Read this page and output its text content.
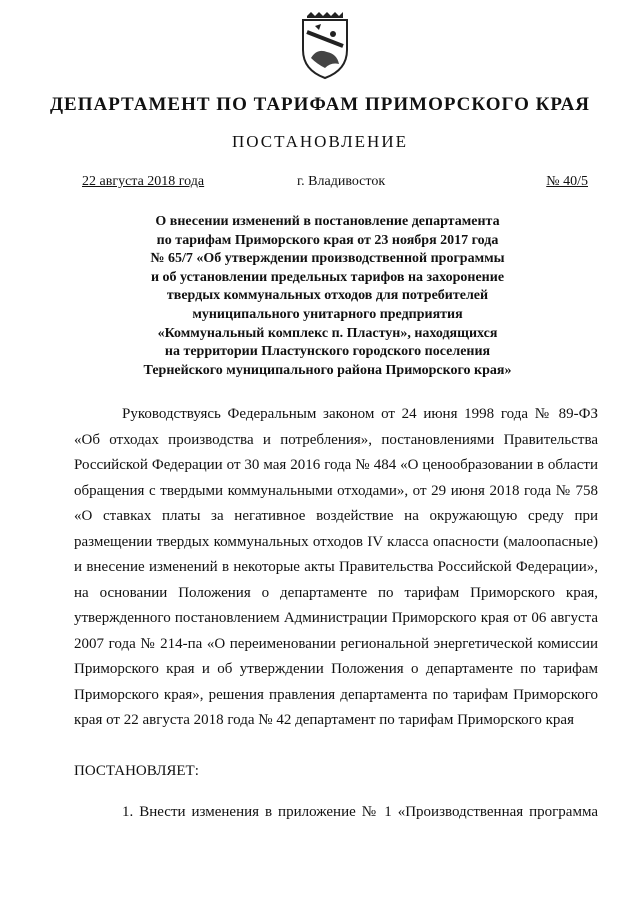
ДЕПАРТАМЕНТ ПО ТАРИФАМ ПРИМОРСКОГО КРАЯ
ПОСТАНОВЛЕНИЕ
22 августа 2018 года	г. Владивосток	№ 40/5
О внесении изменений в постановление департамента
по тарифам Приморского края от 23 ноября 2017 года
№ 65/7 «Об утверждении производственной программы
и об установлении предельных тарифов на захоронение
твердых коммунальных отходов для потребителей
муниципального унитарного предприятия
«Коммунальный комплекс п. Пластун», находящихся
на территории Пластунского городского поселения
Тернейского муниципального района Приморского края»
Руководствуясь Федеральным законом от 24 июня 1998 года № 89-ФЗ «Об отходах производства и потребления», постановлениями Правительства Российской Федерации от 30 мая 2016 года № 484 «О ценообразовании в области обращения с твердыми коммунальными отходами», от 29 июня 2018 года № 758 «О ставках платы за негативное воздействие на окружающую среду при размещении твердых коммунальных отходов IV класса опасности (малоопасные) и внесение изменений в некоторые акты Правительства Российской Федерации», на основании Положения о департаменте по тарифам Приморского края, утвержденного постановлением Администрации Приморского края от 06 августа 2007 года № 214-па «О переименовании региональной энергетической комиссии Приморского края и об утверждении Положения о департаменте по тарифам Приморского края», решения правления департамента по тарифам Приморского края от 22 августа 2018 года № 42 департамент по тарифам Приморского края
ПОСТАНОВЛЯЕТ:
1. Внести изменения в приложение № 1 «Производственная программа
